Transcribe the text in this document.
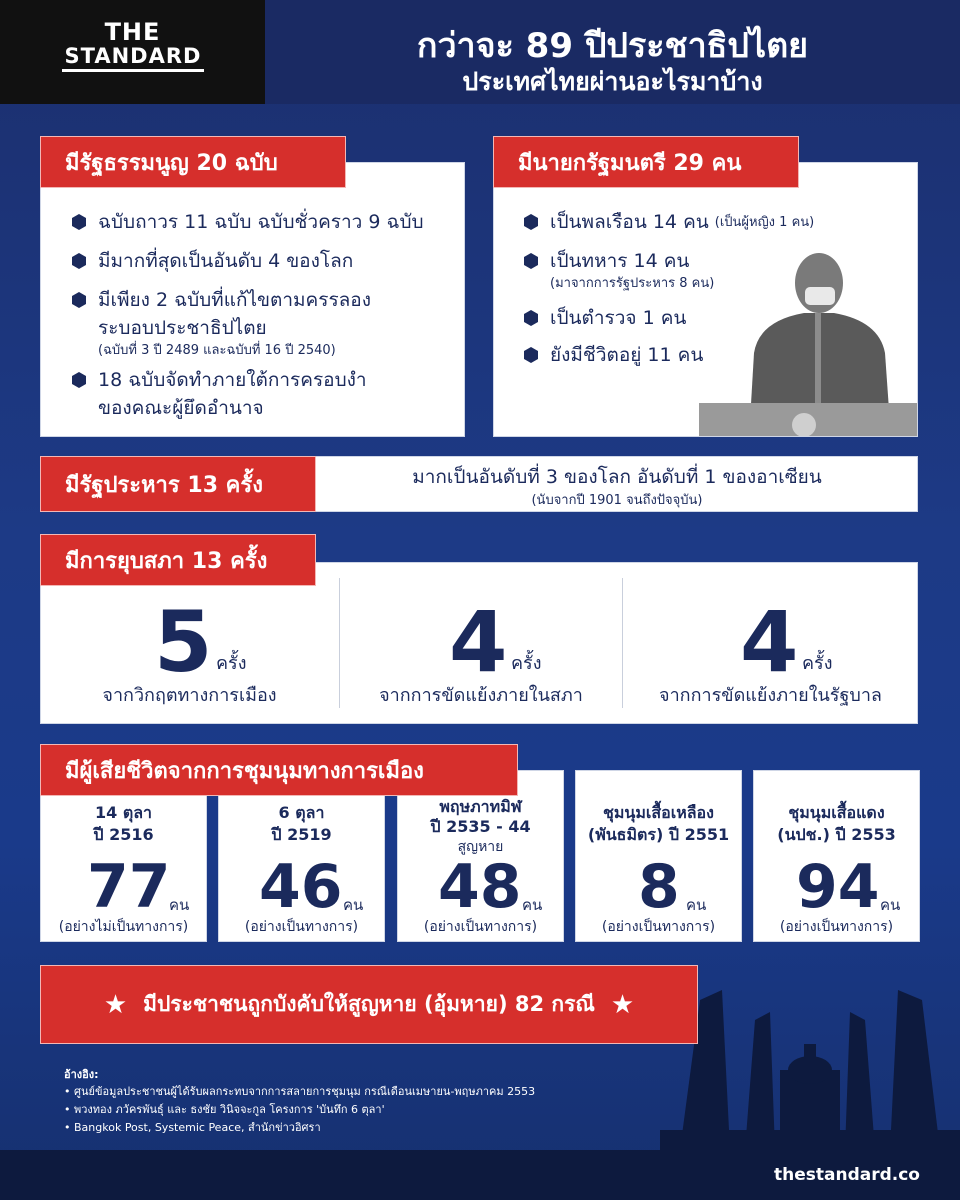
THE
STANDARD	กว่าจะ 89 ปีประชาธิปไตย
ประเทศไทยผ่านอะไรมาบ้าง
มีรัฐธรรมนูญ 20 ฉบับ
ฉบับถาวร 11 ฉบับ ฉบับชั่วคราว 9 ฉบับ
มีมากที่สุดเป็นอันดับ 4 ของโลก
มีเพียง 2 ฉบับที่แก้ไขตามครรลอง
ระบอบประชาธิปไตย
(ฉบับที่ 3 ปี 2489 และฉบับที่ 16 ปี 2540)
18 ฉบับจัดทำภายใต้การครอบงำ
ของคณะผู้ยึดอำนาจ
มีนายกรัฐมนตรี 29 คน
เป็นพลเรือน 14 คน (เป็นผู้หญิง 1 คน)
เป็นทหาร 14 คน
(มาจากการรัฐประหาร 8 คน)
เป็นตำรวจ 1 คน
ยังมีชีวิตอยู่ 11 คน
มีรัฐประหาร 13 ครั้ง	มากเป็นอันดับที่ 3 ของโลก อันดับที่ 1 ของอาเซียน
(นับจากปี 1901 จนถึงปัจจุบัน)
มีการยุบสภา 13 ครั้ง
5 ครั้ง
จากวิกฤตทางการเมือง
4 ครั้ง
จากการขัดแย้งภายในสภา
4 ครั้ง
จากการขัดแย้งภายในรัฐบาล
14 ตุลา
ปี 2516
77
คน
(อย่างไม่เป็นทางการ)
6 ตุลา
ปี 2519
46 คน
(อย่างเป็นทางการ)
พฤษภาทมิฬ
ปี 2535 - 44
สูญหาย
48 คน
(อย่างเป็นทางการ)
ชุมนุมเสื้อเหลือง
(พันธมิตร) ปี 2551
8 คน
(อย่างเป็นทางการ)
ชุมนุมเสื้อแดง
(นปช.) ปี 2553
94 คน
(อย่างเป็นทางการ)
มีผู้เสียชีวิตจากการชุมนุมทางการเมือง
★ มีประชาชนถูกบังคับให้สูญหาย (อุ้มหาย) 82 กรณี ★
อ้างอิง:
• ศูนย์ข้อมูลประชาชนผู้ได้รับผลกระทบจากการสลายการชุมนุม กรณีเดือนเมษายน-พฤษภาคม 2553
• พวงทอง ภวัครพันธุ์ และ ธงชัย วินิจจะกูล โครงการ 'บันทึก 6 ตุลา'
• Bangkok Post, Systemic Peace, สำนักข่าวอิศรา
thestandard.co
